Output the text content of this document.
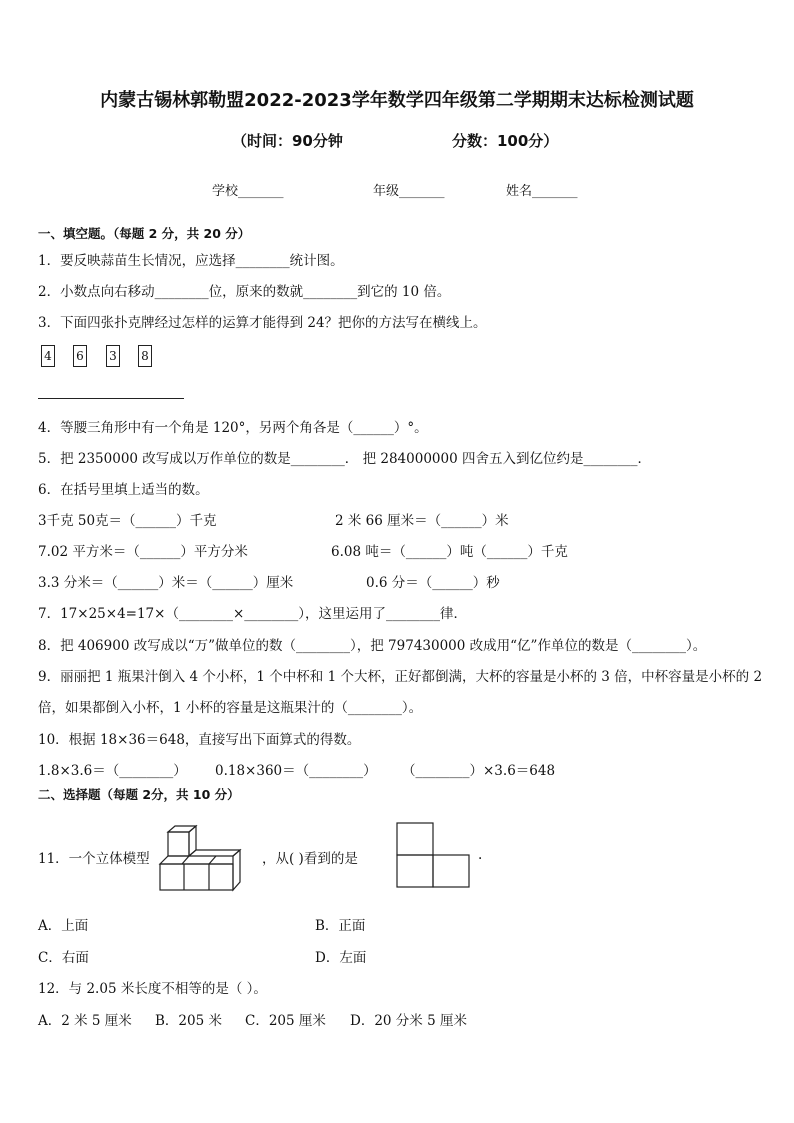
内蒙古锡林郭勒盟2022-2023学年数学四年级第二学期期末达标检测试题
（时间：90分钟	分数：100分）
学校_______	年级_______	姓名_______
一、填空题。（每题 2 分，共 20 分）
1．要反映蒜苗生长情况，应选择________统计图。
2．小数点向右移动________位，原来的数就________到它的 10 倍。
3．下面四张扑克牌经过怎样的运算才能得到 24？把你的方法写在横线上。
4 6 3 8
4．等腰三角形中有一个角是 120°，另两个角各是（______）°。
5．把 2350000 改写成以万作单位的数是________． 把 284000000 四舍五入到亿位约是________．
6．在括号里填上适当的数。
3千克 50克＝（______）千克	2 米 66 厘米＝（______）米
7.02 平方米＝（______）平方分米	6.08 吨＝（______）吨（______）千克
3.3 分米＝（______）米＝（______）厘米	0.6 分＝（______）秒
7．17×25×4=17×（________×________），这里运用了________律．
8．把 406900 改写成以“万”做单位的数（________），把 797430000 改成用“亿”作单位的数是（________）。
9．丽丽把 1 瓶果汁倒入 4 个小杯，1 个中杯和 1 个大杯，正好都倒满，大杯的容量是小杯的 3 倍，中杯容量是小杯的 2
倍，如果都倒入小杯，1 小杯的容量是这瓶果汁的（________）。
10．根据 18×36＝648，直接写出下面算式的得数。
1.8×3.6＝（________） 0.18×360＝（________） （________）×3.6＝648
二、选择题（每题 2分，共 10 分）
11．一个立体模型	，从( )看到的是	.
A．上面	B．正面
C．右面	D．左面
12．与 2.05 米长度不相等的是（ ）。
A．2 米 5 厘米 B．205 米 C．205 厘米 D．20 分米 5 厘米
